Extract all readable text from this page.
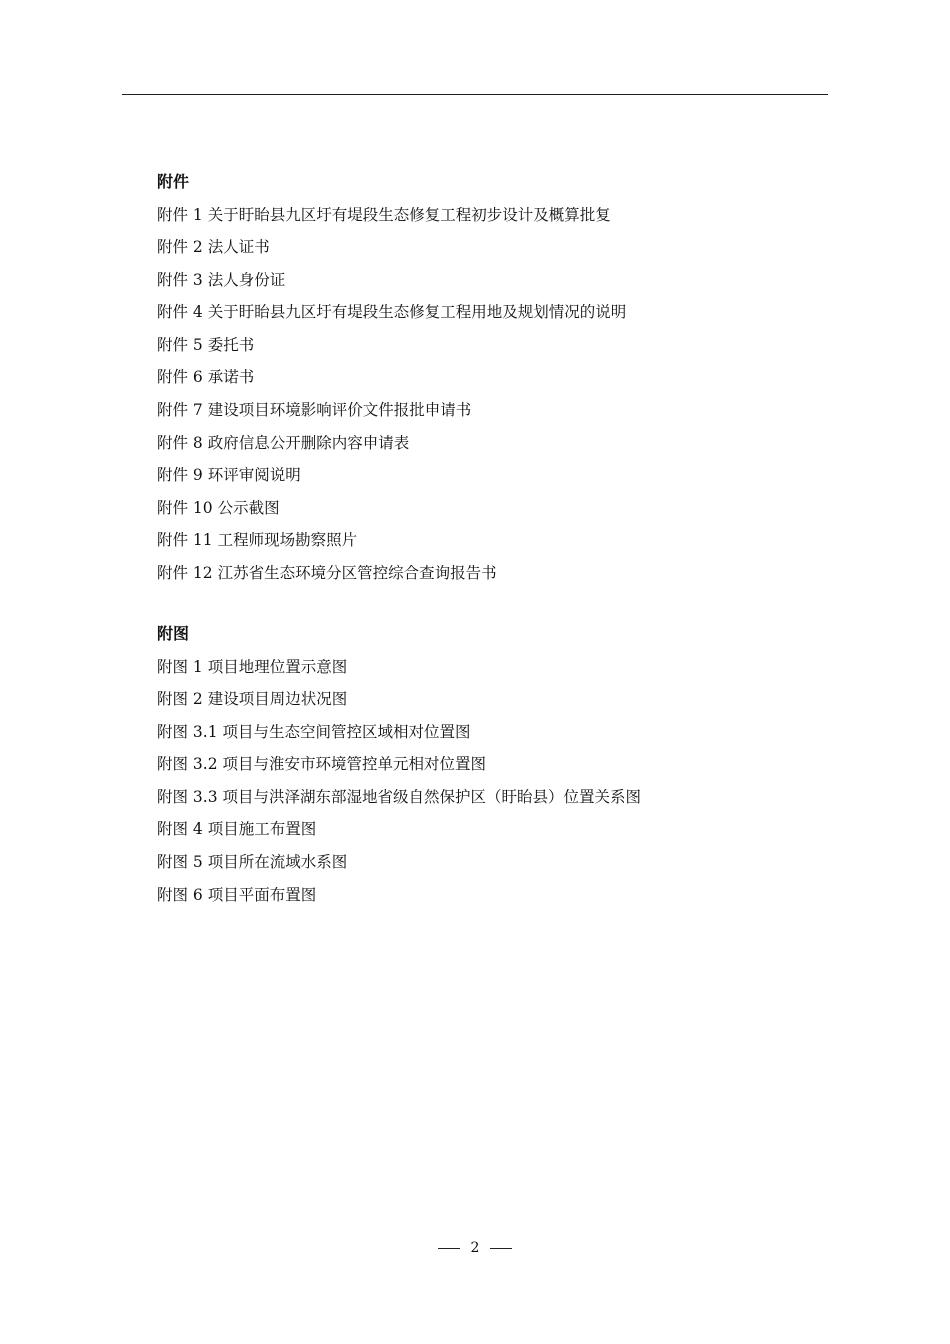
附件
附件 1 关于盱眙县九区圩有堤段生态修复工程初步设计及概算批复
附件 2 法人证书
附件 3 法人身份证
附件 4 关于盱眙县九区圩有堤段生态修复工程用地及规划情况的说明
附件 5 委托书
附件 6 承诺书
附件 7 建设项目环境影响评价文件报批申请书
附件 8 政府信息公开删除内容申请表
附件 9 环评审阅说明
附件 10 公示截图
附件 11 工程师现场勘察照片
附件 12 江苏省生态环境分区管控综合查询报告书
附图
附图 1 项目地理位置示意图
附图 2 建设项目周边状况图
附图 3.1 项目与生态空间管控区域相对位置图
附图 3.2 项目与淮安市环境管控单元相对位置图
附图 3.3 项目与洪泽湖东部湿地省级自然保护区（盱眙县）位置关系图
附图 4 项目施工布置图
附图 5 项目所在流域水系图
附图 6 项目平面布置图
2
